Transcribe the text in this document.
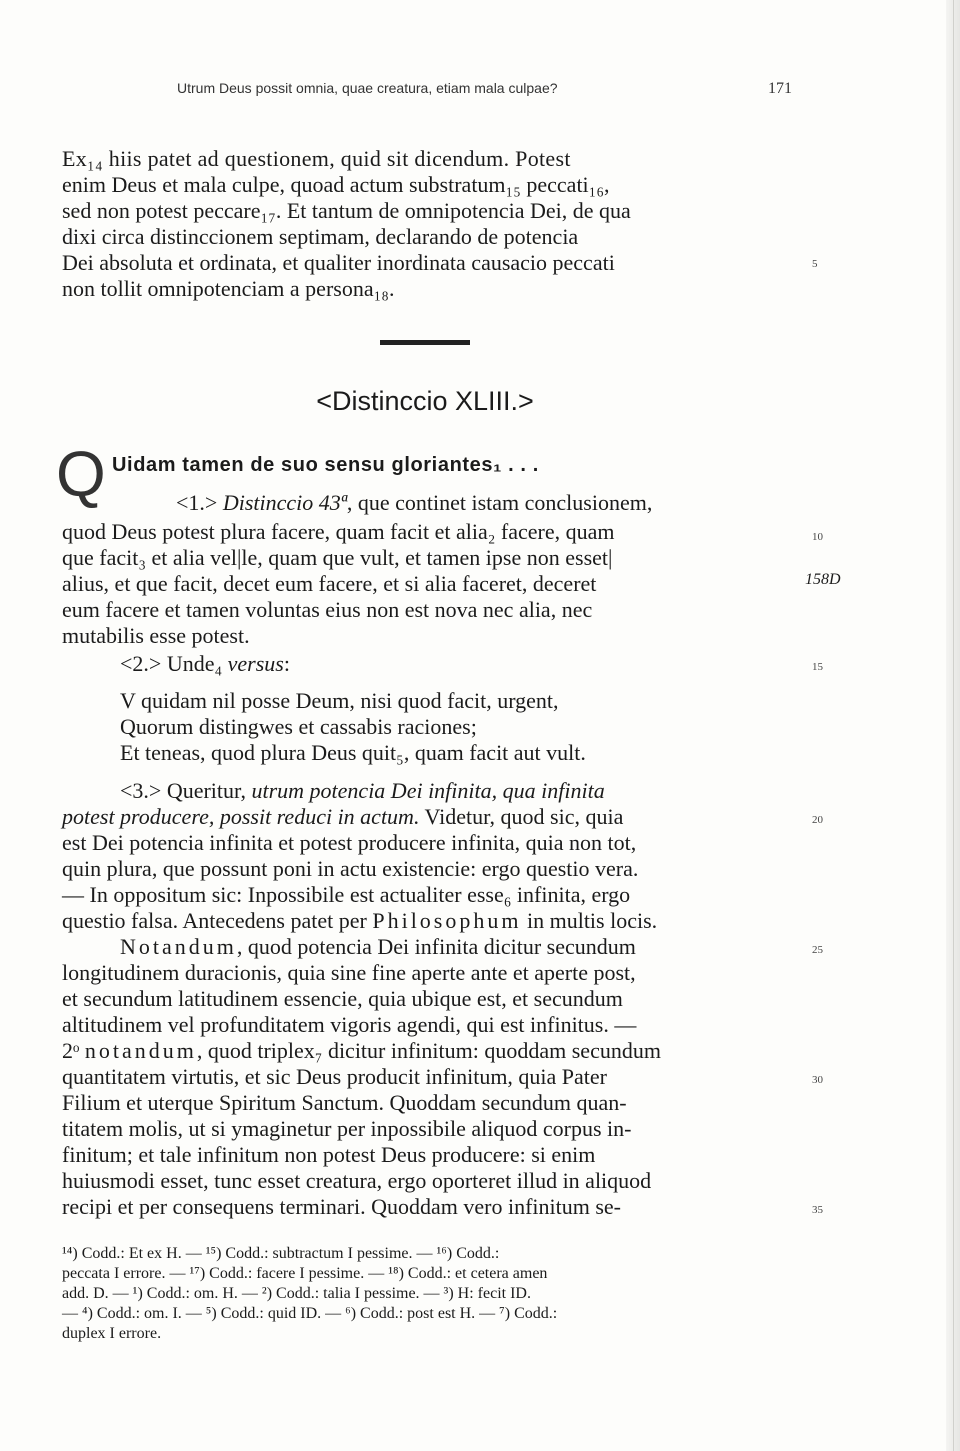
Utrum Deus possit omnia, quae creatura, etiam mala culpae?	171
Ex₁₄ hiis patet ad questionem, quid sit dicendum. Potest
enim Deus et mala culpe, quoad actum substratum₁₅ peccati₁₆,
sed non potest peccare₁₇. Et tantum de omnipotencia Dei, de qua
dixi circa distinccionem septimam, declarando de potencia
Dei absoluta et ordinata, et qualiter inordinata causacio peccati
non tollit omnipotenciam a persona₁₈.
5
<Distinccio XLIII.>
Q Uidam tamen de suo sensu gloriantes₁ . . .
<1.> Distinccio 43ª, que continet istam conclusionem,
quod Deus potest plura facere, quam facit et alia₂ facere, quam
que facit₃ et alia vel|le, quam que vult, et tamen ipse non esset|
alius, et que facit, decet eum facere, et si alia faceret, deceret
eum facere et tamen voluntas eius non est nova nec alia, nec
mutabilis esse potest.
10
158D
<2.> Unde₄ versus:	15
V quidam nil posse Deum, nisi quod facit, urgent,
Quorum distingwes et cassabis raciones;
Et teneas, quod plura Deus quit₅, quam facit aut vult.
<3.> Queritur, utrum potencia Dei infinita, qua infinita
potest producere, possit reduci in actum. Videtur, quod sic, quia
est Dei potencia infinita et potest producere infinita, quia non tot,
quin plura, que possunt poni in actu existencie: ergo questio vera.
— In oppositum sic: Inpossibile est actualiter esse₆ infinita, ergo
questio falsa. Antecedens patet per Philosophum in multis locis.
20
Notandum, quod potencia Dei infinita dicitur secundum
longitudinem duracionis, quia sine fine aperte ante et aperte post,
et secundum latitudinem essencie, quia ubique est, et secundum
altitudinem vel profunditatem vigoris agendi, qui est infinitus. —
2ᵒ notandum, quod triplex₇ dicitur infinitum: quoddam secundum
quantitatem virtutis, et sic Deus producit infinitum, quia Pater
Filium et uterque Spiritum Sanctum. Quoddam secundum quan-
titatem molis, ut si ymaginetur per inpossibile aliquod corpus in-
finitum; et tale infinitum non potest Deus producere: si enim
huiusmodi esset, tunc esset creatura, ergo oporteret illud in aliquod
recipi et per consequens terminari. Quoddam vero infinitum se-
25
30
35
¹⁴) Codd.: Et ex H. — ¹⁵) Codd.: subtractum I pessime. — ¹⁶) Codd.:
peccata I errore. — ¹⁷) Codd.: facere I pessime. — ¹⁸) Codd.: et cetera amen
add. D. — ¹) Codd.: om. H. — ²) Codd.: talia I pessime. — ³) H: fecit ID.
— ⁴) Codd.: om. I. — ⁵) Codd.: quid ID. — ⁶) Codd.: post est H. — ⁷) Codd.:
duplex I errore.
